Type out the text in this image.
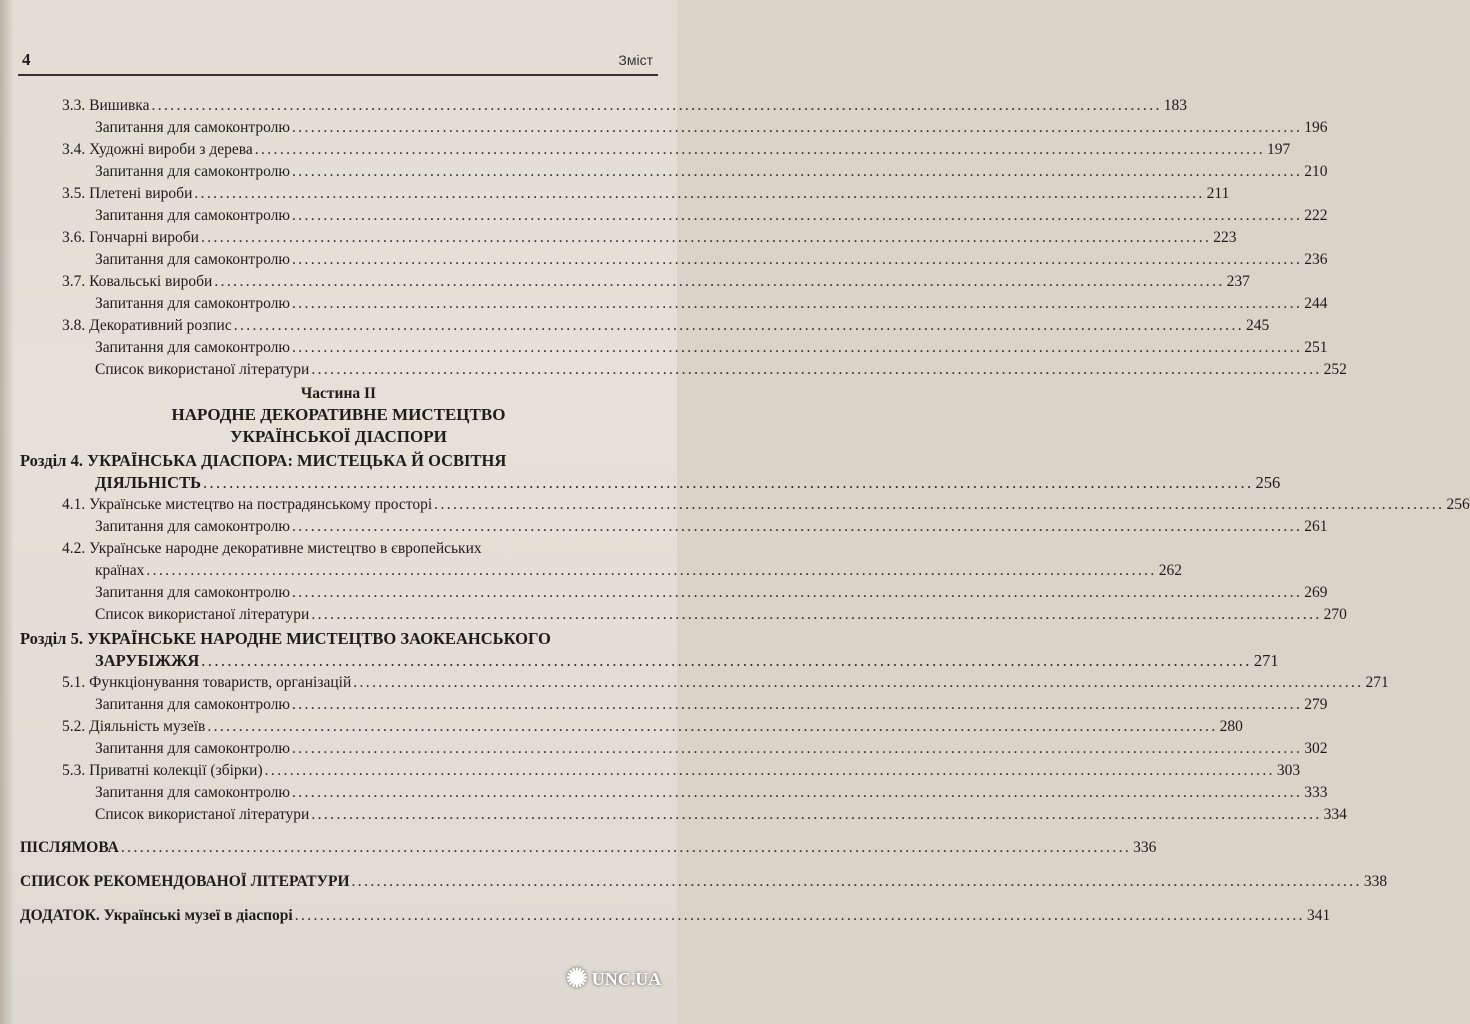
4	Зміст
3.3. Вишивка ................................................................................................................................................................. 183
Запитання для самоконтролю ................................................................................................................................................................. 196
3.4. Художні вироби з дерева ................................................................................................................................................................. 197
Запитання для самоконтролю ................................................................................................................................................................. 210
3.5. Плетені вироби ................................................................................................................................................................. 211
Запитання для самоконтролю ................................................................................................................................................................. 222
3.6. Гончарні вироби ................................................................................................................................................................. 223
Запитання для самоконтролю ................................................................................................................................................................. 236
3.7. Ковальські вироби ................................................................................................................................................................. 237
Запитання для самоконтролю ................................................................................................................................................................. 244
3.8. Декоративний розпис ................................................................................................................................................................. 245
Запитання для самоконтролю ................................................................................................................................................................. 251
Список використаної літератури ................................................................................................................................................................. 252
Частина II
НАРОДНЕ ДЕКОРАТИВНЕ МИСТЕЦТВО
УКРАЇНСЬКОЇ ДІАСПОРИ
Розділ 4. УКРАЇНСЬКА ДІАСПОРА: МИСТЕЦЬКА Й ОСВІТНЯ
ДІЯЛЬНІСТЬ ................................................................................................................................................................. 256
4.1. Українське мистецтво на пострадянському просторі ................................................................................................................................................................. 256
Запитання для самоконтролю ................................................................................................................................................................. 261
4.2. Українське народне декоративне мистецтво в європейських
країнах ................................................................................................................................................................. 262
Запитання для самоконтролю ................................................................................................................................................................. 269
Список використаної літератури ................................................................................................................................................................. 270
Розділ 5. УКРАЇНСЬКЕ НАРОДНЕ МИСТЕЦТВО ЗАОКЕАНСЬКОГО
ЗАРУБІЖЖЯ ................................................................................................................................................................. 271
5.1. Функціонування товариств, організацій ................................................................................................................................................................. 271
Запитання для самоконтролю ................................................................................................................................................................. 279
5.2. Діяльність музеїв ................................................................................................................................................................. 280
Запитання для самоконтролю ................................................................................................................................................................. 302
5.3. Приватні колекції (збірки) ................................................................................................................................................................. 303
Запитання для самоконтролю ................................................................................................................................................................. 333
Список використаної літератури ................................................................................................................................................................. 334
ПІСЛЯМОВА ................................................................................................................................................................. 336
СПИСОК РЕКОМЕНДОВАНОЇ ЛІТЕРАТУРИ ................................................................................................................................................................. 338
ДОДАТОК. Українські музеї в діаспорі ................................................................................................................................................................. 341
✺ UNC.UA
